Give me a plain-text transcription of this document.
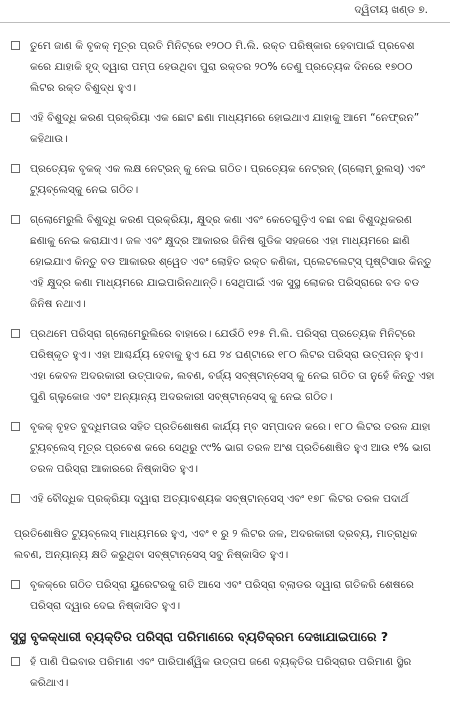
ଦ୍ୱିତୀୟ ଖଣ୍ଡ ୭.
ତୁମେ ଜାଣ କି ବୃକକ୍ ମୂତ୍ର ପ୍ରତି ମିନିଟ୍‌ରେ ୧୨୦୦ ମି.ଲି. ରକ୍ତ ପରିଷ୍କାର ହେବାପାଇଁ ପ୍ରବେଶ କରେ ଯାହାକି ହୃଦ୍ ଦ୍ୱାରା ପମ୍ପ ହେଉଥିବା ପୁରା ରକ୍ତର ୨୦% ତେଣୁ ପ୍ରତ୍ୟେକ ଦିନରେ ୧୭୦୦ ଲିଟର ରକ୍ତ ବିଶୁଦ୍ଧ ହୁଏ।
ଏହି ବିଶୁଦ୍ଧି କରଣ ପ୍ରକ୍ରିୟା ଏକ ଛୋଟ ଛଣା ମାଧ୍ୟମରେ ହୋଇଥାଏ ଯାହାକୁ ଆମେ “ନେଫ୍ରନ” କହିଥାଉ।
ପ୍ରତ୍ୟେକ ବୃକକ୍ ଏକ ଲକ୍ଷ ନେଟ୍ରନ୍ କୁ ନେଇ ଗଠିତ। ପ୍ରତ୍ୟେକ ନେଟ୍ରନ୍ (ଗ୍ଲୋମ୍ ରୁଲସ୍) ଏବଂ ଟ୍ୟୁବ୍ଲେସ୍‌କୁ ନେଇ ଗଠିତ।
ଗ୍ଲୋମେରୁଲି ବିଶୁଦ୍ଧି କରଣ ପ୍ରକ୍ରିୟା, କ୍ଷୁଦ୍ର କଣା ଏବଂ କେତେଗୁଡ଼ିଏ ବଛା ବଛା ବିଶୁଦ୍ଧିକରଣ ଛଣାକୁ ନେଇ କରାଯାଏ। ଜଳ ଏବଂ କ୍ଷୁଦ୍ର ଆକାରର ଜିନିଷ ଗୁଡିକ ସହଜରେ ଏହା ମାଧ୍ୟମରେ ଛାଣି ହୋଇଯାଏ କିନ୍ତୁ ବଡ ଆକାରର ଶ୍ୱେତ ଏବଂ ଲୋହିତ ରକ୍ତ କଣିକା, ପ୍ଲେଟଲେଟ୍‌ସ୍ ପୃଷ୍ଟିସାର କିନ୍ତୁ ଏହି କ୍ଷୁଦ୍ର କଣା ମାଧ୍ୟମରେ ଯାଇପାରିନଥାନ୍ତି। ସେଥିପାଇଁ ଏକ ସୁସ୍ଥ ଲୋକର ପରିସ୍ରାରେ ବଡ ବଡ ଜିନିଷ ନଥାଏ।
ପ୍ରଥମେ ପରିସ୍ରା ଗ୍ଲୋମେରୁଲିରେ ବାହାରେ। ଯେଉଁଠି ୧୨୫ ମି.ଲି. ପରିସ୍ରା ପ୍ରତ୍ୟେକ ମିନିଟ୍‌ରେ ପରିଷ୍କୃତ ହୁଏ। ଏହା ଆଶ୍ଚର୍ଯ୍ୟ ହେବାକୁ ହୁଏ ଯେ ୨୪ ଘଣ୍ଟାରେ ୧୮୦ ଲିଟର ପରିସ୍ରା ଉତ୍ପନ୍ନ ହୁଏ। ଏହା କେବଳ ଅଦରକାରୀ ଉତ୍ପାଦକ, ଲବଣ, ବର୍ଜ୍ୟ ସବ୍‌ଷ୍ଟାନ୍‌ସେସ୍ କୁ ନେଇ ଗଠିତ ତା ନୁହେଁ କିନ୍ତୁ ଏହା ପୁଣି ଗ୍ଲୁକୋଜ ଏବଂ ଅନ୍ୟାନ୍ୟ ଅଦରକାରୀ ସବ୍‌ଷ୍ଟାନ୍‌ସେସ୍ କୁ ନେଇ ଗଠିତ।
ବୃକକ୍ ବୃହତ ବୁଦ୍ଧିମତାର ସହିତ ପ୍ରତିଶୋଷଣ କାର୍ଯ୍ୟ ମ୍ବ ସମ୍ପାଦନ କରେ। ୧୮୦ ଲିଟର ତରଳ ଯାହା ଟ୍ୟୁବ୍ଲେସ୍ ମୂତ୍ର ପ୍ରବେଶ କରେ ସେଥିରୁ ୯୯% ଭାଗ ତରଳ ଅଂଶ ପ୍ରତିଶୋଷିତ ହୁଏ ଆଉ ୧% ଭାଗ ତରଳ ପରିସ୍ରା ଆକାରରେ ନିଷ୍କାସିତ ହୁଏ।
ଏହି ବୌଦ୍ଧିକ ପ୍ରକ୍ରିୟା ଦ୍ୱାରା ଅତ୍ୟାବଶ୍ୟକ ସବ୍‌ଷ୍ଟାନ୍‌ସେସ୍ ଏବଂ ୧୭୮ ଲିଟର ତରଳ ପଦାର୍ଥ
ପ୍ରତିଶୋଷିତ ଟ୍ୟୁବ୍ଲେସ୍ ମାଧ୍ୟମରେ ହୁଏ, ଏବଂ ୧ ରୁ ୨ ଲିଟର ଜଳ, ଅଦରକାରୀ ଦ୍ରବ୍ୟ, ମାତ୍ରାଧିକ ଲବଣ, ଅନ୍ୟାନ୍ୟ କ୍ଷତି କରୁଥିବା ସବ୍‌ଷ୍ଟାନ୍‌ସେସ୍ ସବୁ ନିଷ୍କାସିତ ହୁଏ।
ବୃକକ୍‌ରେ ଗଠିତ ପରିସ୍ରା ୟୁରେଟରକୁ ଗତି ଆସେ ଏବଂ ପରିସ୍ରା ବ୍ଲାଡର ଦ୍ୱାରା ଗତିକରି ଶେଷରେ ପରିସ୍ରା ଦ୍ୱାର ଦେଇ ନିଷ୍କାସିତ ହୁଏ।
ସୁସ୍ଥ ବୃକକ୍‌ଧାରୀ ବ୍ୟକ୍ତିର ପରିସ୍ରା ପରିମାଣରେ ବ୍ୟତିକ୍ରମ ଦେଖାଯାଇପାରେ ?
ହଁ ପାଣି ପିଇବାର ପରିମାଣ ଏବଂ ପାରିପାର୍ଶ୍ୱିକ ଉତ୍ତାପ ଜଣେ ବ୍ୟକ୍ତିର ପରିସ୍ରାର ପରିମାଣ ସ୍ଥିର କରିଥାଏ।
